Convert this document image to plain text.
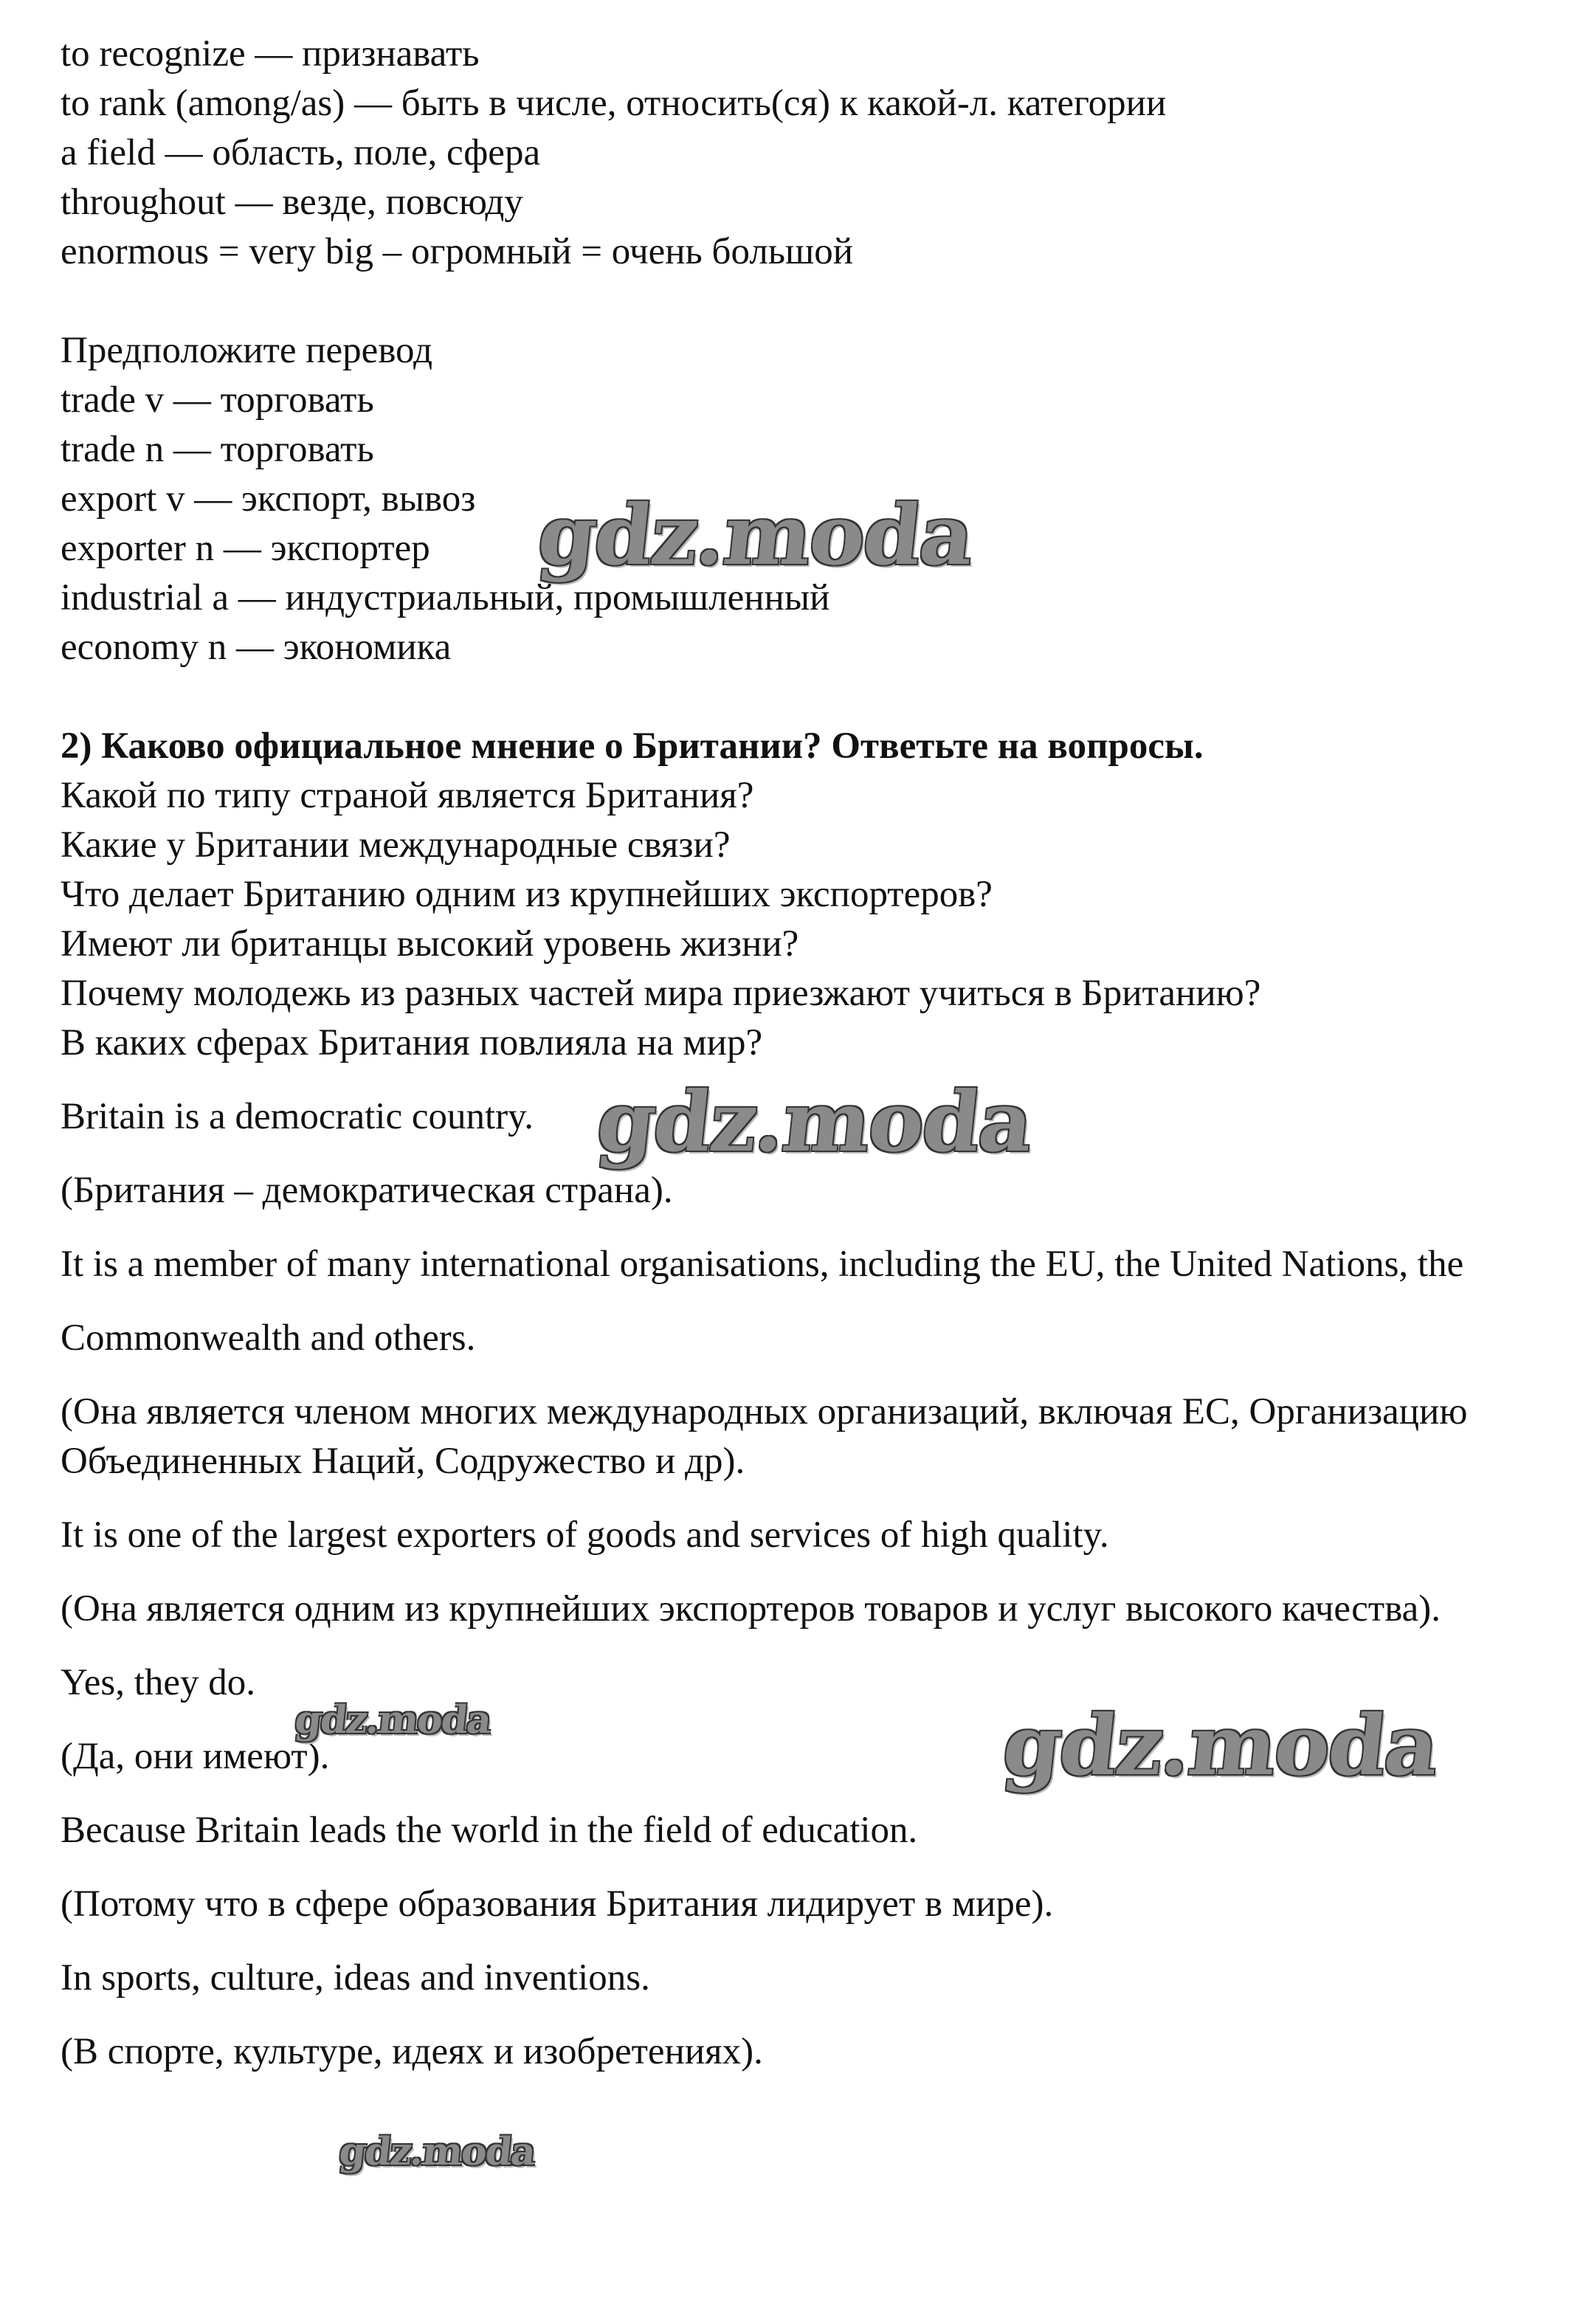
to recognize — признавать
to rank (among/as) — быть в числе, относить(ся) к какой-л. категории
a field — область, поле, сфера
throughout — везде, повсюду
enormous = very big – огромный = очень большой
Предположите перевод
trade v — торговать
trade n — торговать
export v — экспорт, вывоз
exporter n — экспортер
industrial a — индустриальный, промышленный
economy n — экономика
2) Каково официальное мнение о Британии? Ответьте на вопросы.
Какой по типу страной является Британия?
Какие у Британии международные связи?
Что делает Британию одним из крупнейших экспортеров?
Имеют ли британцы высокий уровень жизни?
Почему молодежь из разных частей мира приезжают учиться в Британию?
В каких сферах Британия повлияла на мир?
Britain is a democratic country.
(Британия – демократическая страна).
It is a member of many international organisations, including the EU, the United Nations, the
Commonwealth and others.
(Она является членом многих международных организаций, включая ЕС, Организацию Объединенных Наций, Содружество и др).
It is one of the largest exporters of goods and services of high quality.
(Она является одним из крупнейших экспортеров товаров и услуг высокого качества).
Yes, they do.
(Да, они имеют).
Because Britain leads the world in the field of education.
(Потому что в сфере образования Британия лидирует в мире).
In sports, culture, ideas and inventions.
(В спорте, культуре, идеях и изобретениях).
gdz.moda
gdz.moda
gdz.moda
gdz.moda
gdz.moda
